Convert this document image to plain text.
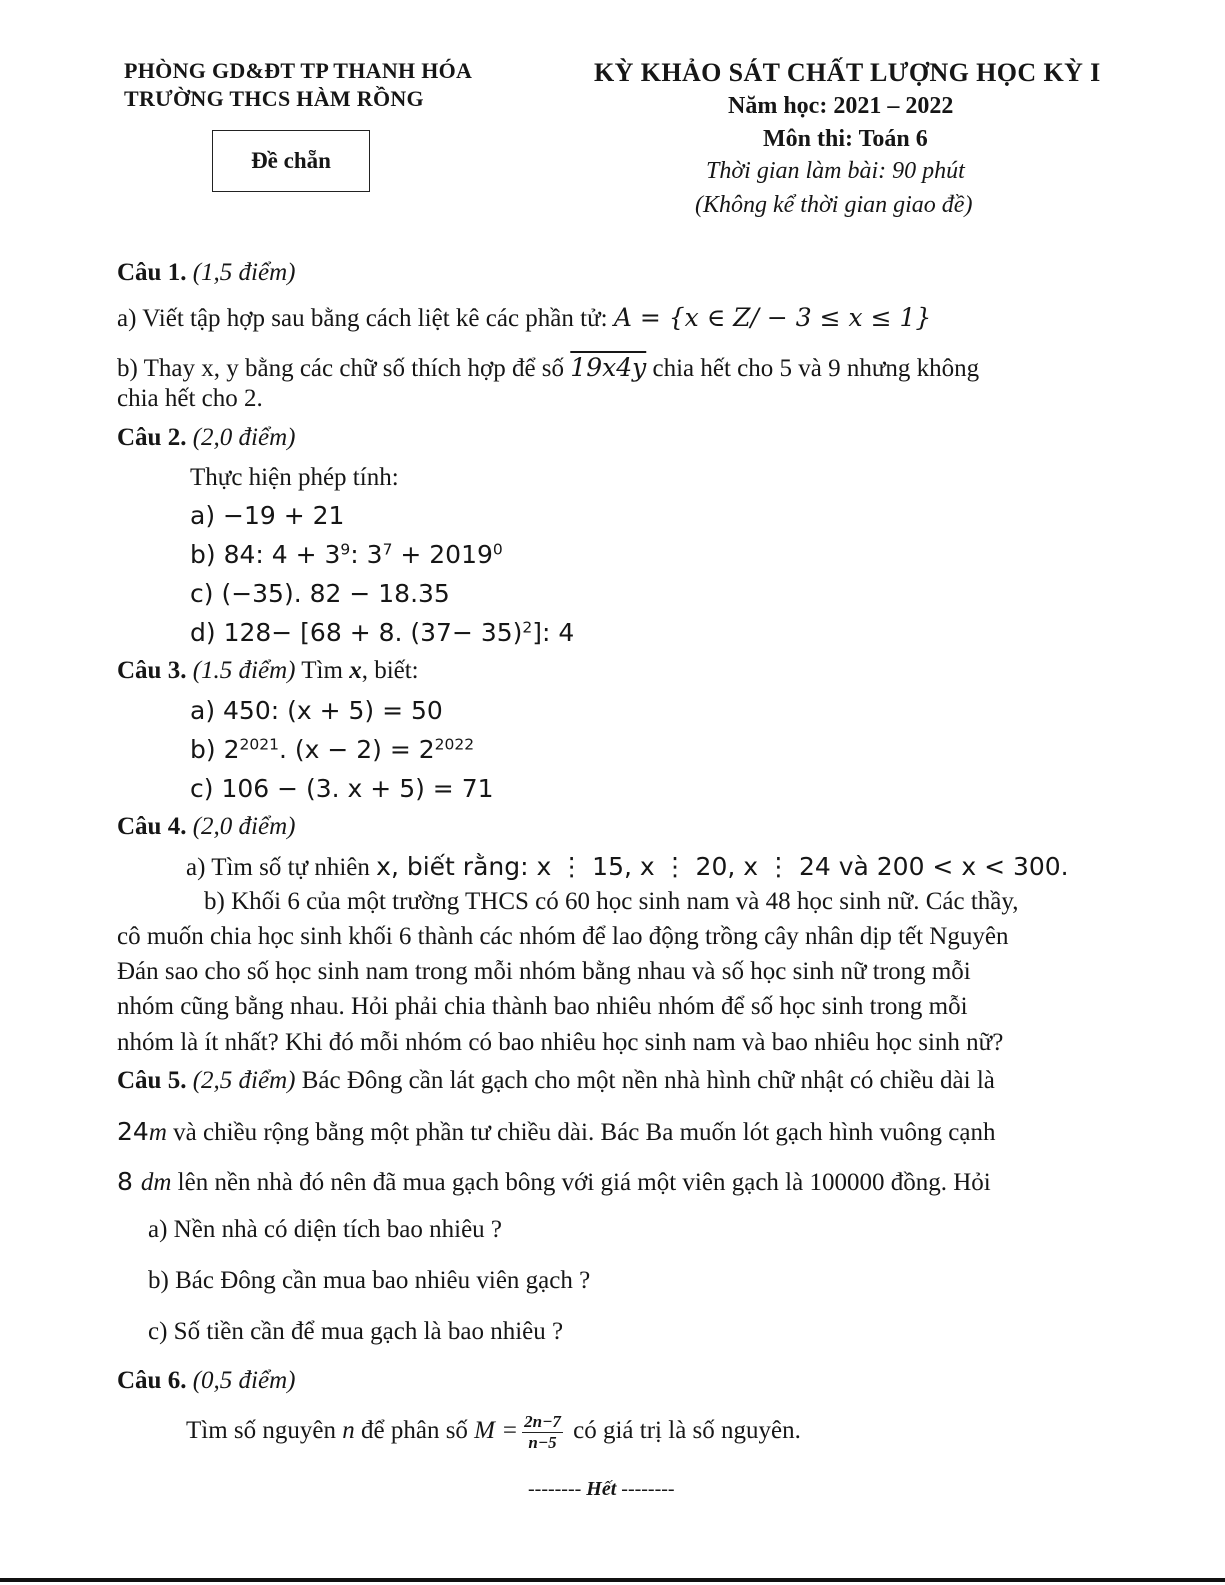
PHÒNG GD&ĐT TP THANH HÓA
TRƯỜNG THCS HÀM RỒNG
Đề chẵn
KỲ KHẢO SÁT CHẤT LƯỢNG HỌC KỲ I
Năm học: 2021 – 2022
Môn thi: Toán 6
Thời gian làm bài: 90 phút
(Không kể thời gian giao đề)
Câu 1. (1,5 điểm)
a) Viết tập hợp sau bằng cách liệt kê các phần tử: A = {x ∈ Z/ − 3 ≤ x ≤ 1}
b) Thay x, y bằng các chữ số thích hợp để số 19x4y chia hết cho 5 và 9 nhưng không
chia hết cho 2.
Câu 2. (2,0 điểm)
Thực hiện phép tính:
a) −19 + 21
b) 84: $4 + 3^9$: $3^7 + 2019^0$
c) (−35). 82 − 18.35
d) 128− [68 + 8. $(37- 35)^2$]: 4
Câu 3. (1.5 điểm) Tìm x, biết:
a) 450: (x + 5) = 50
b) $2^{2021}$. $(x - 2) = 2^{2022}$
c) 106 − (3. x + 5) = 71
Câu 4. (2,0 điểm)
a) Tìm số tự nhiên x, biết rằng: x ⋮ 15, x ⋮ 20, x ⋮ 24 và 200 < x < 300.
b) Khối 6 của một trường THCS có 60 học sinh nam và 48 học sinh nữ. Các thầy,
cô muốn chia học sinh khối 6 thành các nhóm để lao động trồng cây nhân dịp tết Nguyên
Đán sao cho số học sinh nam trong mỗi nhóm bằng nhau và số học sinh nữ trong mỗi
nhóm cũng bằng nhau. Hỏi phải chia thành bao nhiêu nhóm để số học sinh trong mỗi
nhóm là ít nhất? Khi đó mỗi nhóm có bao nhiêu học sinh nam và bao nhiêu học sinh nữ?
Câu 5. (2,5 điểm) Bác Đông cần lát gạch cho một nền nhà hình chữ nhật có chiều dài là
24m và chiều rộng bằng một phần tư chiều dài. Bác Ba muốn lót gạch hình vuông cạnh
8 dm lên nền nhà đó nên đã mua gạch bông với giá một viên gạch là 100000 đồng. Hỏi
a) Nền nhà có diện tích bao nhiêu ?
b) Bác Đông cần mua bao nhiêu viên gạch ?
c) Số tiền cần để mua gạch là bao nhiêu ?
Câu 6. (0,5 điểm)
Tìm số nguyên n để phân số $M = \frac{2n-7}{n-5}$ có giá trị là số nguyên.
-------- Hết --------
